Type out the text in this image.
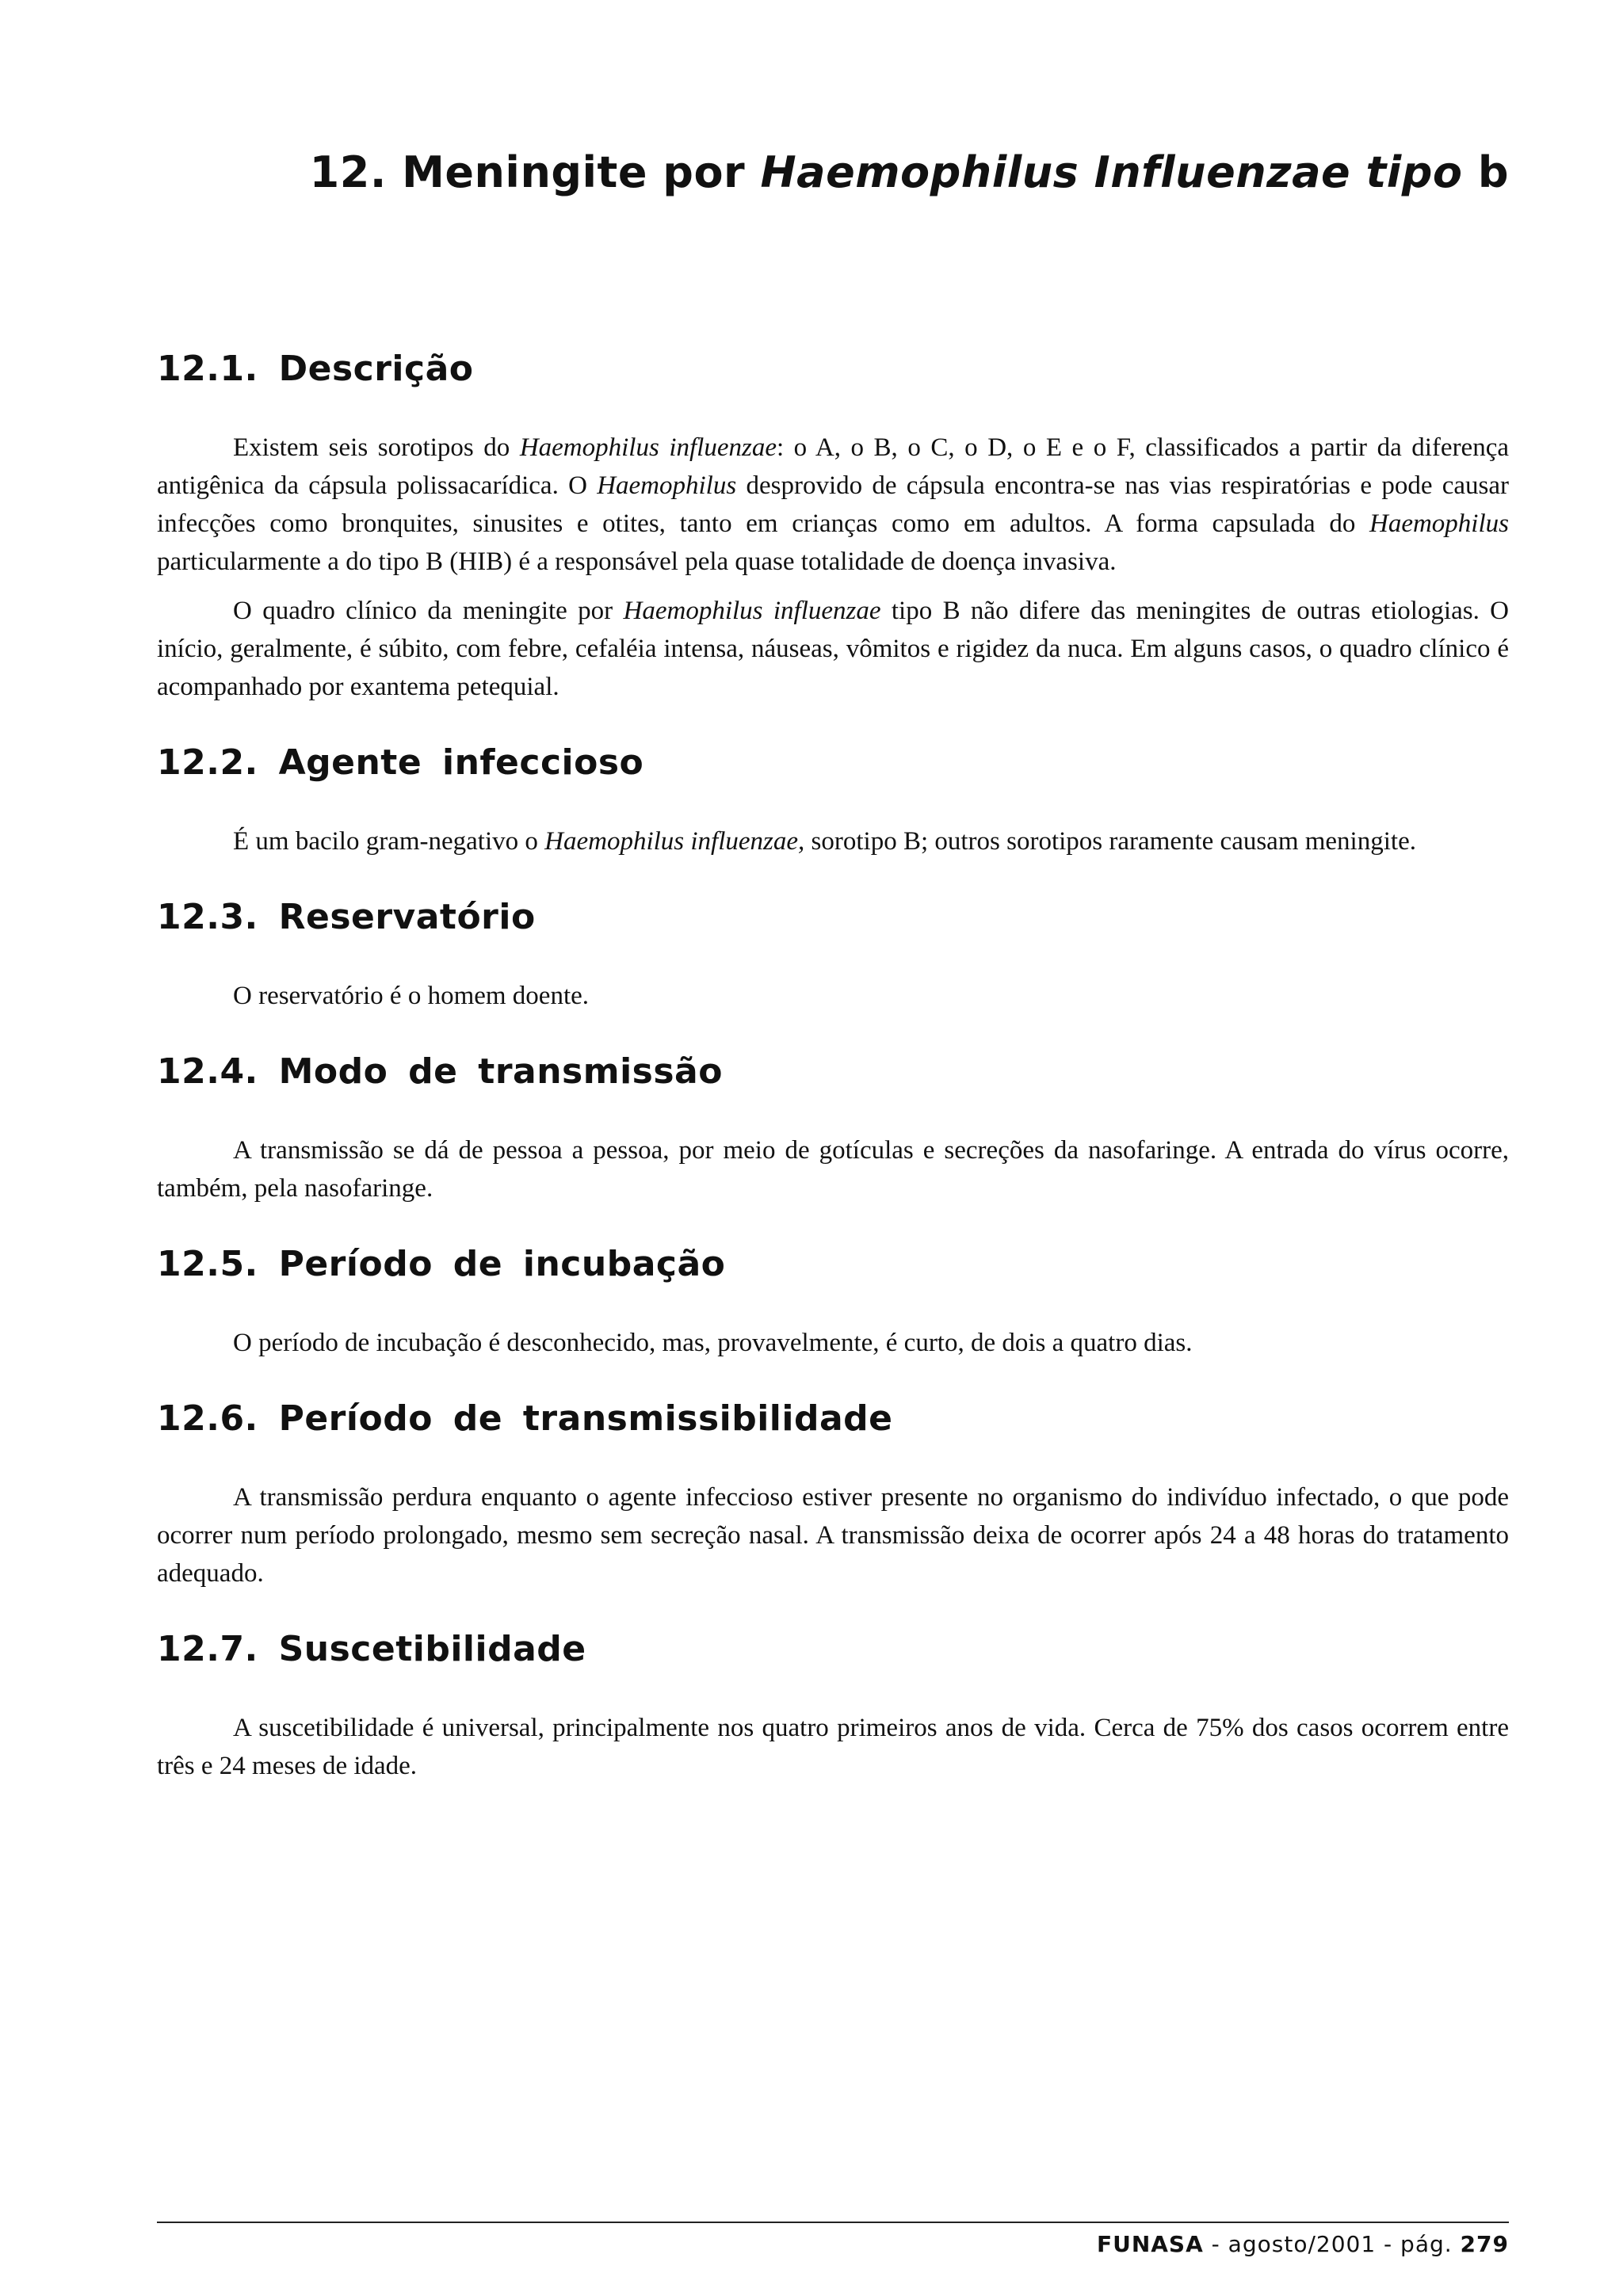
12. Meningite por Haemophilus Influenzae tipo b
12.1. Descrição

Existem seis sorotipos do Haemophilus influenzae: o A, o B, o C, o D, o E e o F, classificados a partir da diferença antigênica da cápsula polissacarídica. O Haemophilus desprovido de cápsula encontra-se nas vias respiratórias e pode causar infecções como bronquites, sinusites e otites, tanto em crianças como em adultos. A forma capsulada do Haemophilus particularmente a do tipo B (HIB) é a responsável pela quase totalidade de doença invasiva.

O quadro clínico da meningite por Haemophilus influenzae tipo B não difere das meningites de outras etiologias. O início, geralmente, é súbito, com febre, cefaléia intensa, náuseas, vômitos e rigidez da nuca. Em alguns casos, o quadro clínico é acompanhado por exantema petequial.

12.2. Agente infeccioso

É um bacilo gram-negativo o Haemophilus influenzae, sorotipo B; outros sorotipos raramente causam meningite.

12.3. Reservatório

O reservatório é o homem doente.

12.4. Modo de transmissão

A transmissão se dá de pessoa a pessoa, por meio de gotículas e secreções da nasofaringe. A entrada do vírus ocorre, também, pela nasofaringe.

12.5. Período de incubação

O período de incubação é desconhecido, mas, provavelmente, é curto, de dois a quatro dias.

12.6. Período de transmissibilidade

A transmissão perdura enquanto o agente infeccioso estiver presente no organismo do indivíduo infectado, o que pode ocorrer num período prolongado, mesmo sem secreção nasal. A transmissão deixa de ocorrer após 24 a 48 horas do tratamento adequado.

12.7. Suscetibilidade

A suscetibilidade é universal, principalmente nos quatro primeiros anos de vida. Cerca de 75% dos casos ocorrem entre três e 24 meses de idade.

FUNASA - agosto/2001 - pág. 279
